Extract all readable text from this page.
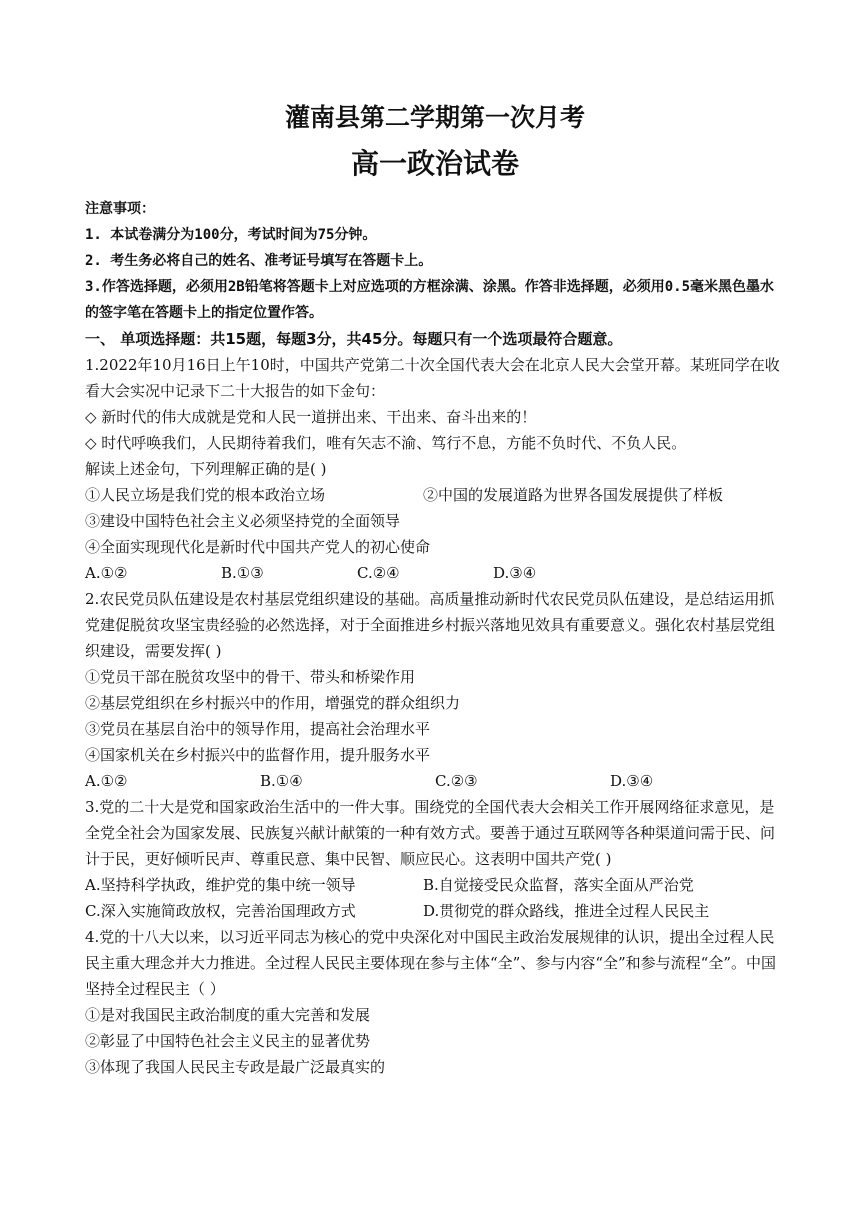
灌南县第二学期第一次月考
高一政治试卷
注意事项：
1. 本试卷满分为100分，考试时间为75分钟。
2. 考生务必将自己的姓名、准考证号填写在答题卡上。
3.作答选择题，必须用2B铅笔将答题卡上对应选项的方框涂满、涂黑。作答非选择题，必须用0.5毫米黑色墨水的签字笔在答题卡上的指定位置作答。
一、 单项选择题：共15题，每题3分，共45分。每题只有一个选项最符合题意。

1.2022年10月16日上午10时，中国共产党第二十次全国代表大会在北京人民大会堂开幕。某班同学在收看大会实况中记录下二十大报告的如下金句：

◇ 新时代的伟大成就是党和人民一道拼出来、干出来、奋斗出来的！

◇ 时代呼唤我们，人民期待着我们，唯有矢志不渝、笃行不息，方能不负时代、不负人民。

解读上述金句，下列理解正确的是( )

①人民立场是我们党的根本政治立场	②中国的发展道路为世界各国发展提供了样板

③建设中国特色社会主义必须坚持党的全面领导

④全面实现现代化是新时代中国共产党人的初心使命

A.①②	B.①③	C.②④	D.③④

2.农民党员队伍建设是农村基层党组织建设的基础。高质量推动新时代农民党员队伍建设，是总结运用抓党建促脱贫攻坚宝贵经验的必然选择，对于全面推进乡村振兴落地见效具有重要意义。强化农村基层党组织建设，需要发挥( )

①党员干部在脱贫攻坚中的骨干、带头和桥梁作用

②基层党组织在乡村振兴中的作用，增强党的群众组织力

③党员在基层自治中的领导作用，提高社会治理水平

④国家机关在乡村振兴中的监督作用，提升服务水平

A.①②	B.①④	C.②③	D.③④

3.党的二十大是党和国家政治生活中的一件大事。围绕党的全国代表大会相关工作开展网络征求意见，是全党全社会为国家发展、民族复兴献计献策的一种有效方式。要善于通过互联网等各种渠道问需于民、问计于民，更好倾听民声、尊重民意、集中民智、顺应民心。这表明中国共产党( )

A.坚持科学执政，维护党的集中统一领导	B.自觉接受民众监督，落实全面从严治党
C.深入实施简政放权，完善治国理政方式	D.贯彻党的群众路线，推进全过程人民民主

4.党的十八大以来，以习近平同志为核心的党中央深化对中国民主政治发展规律的认识，提出全过程人民民主重大理念并大力推进。全过程人民民主要体现在参与主体“全”、参与内容“全”和参与流程“全”。中国坚持全过程民主（ ）

①是对我国民主政治制度的重大完善和发展

②彰显了中国特色社会主义民主的显著优势

③体现了我国人民民主专政是最广泛最真实的
